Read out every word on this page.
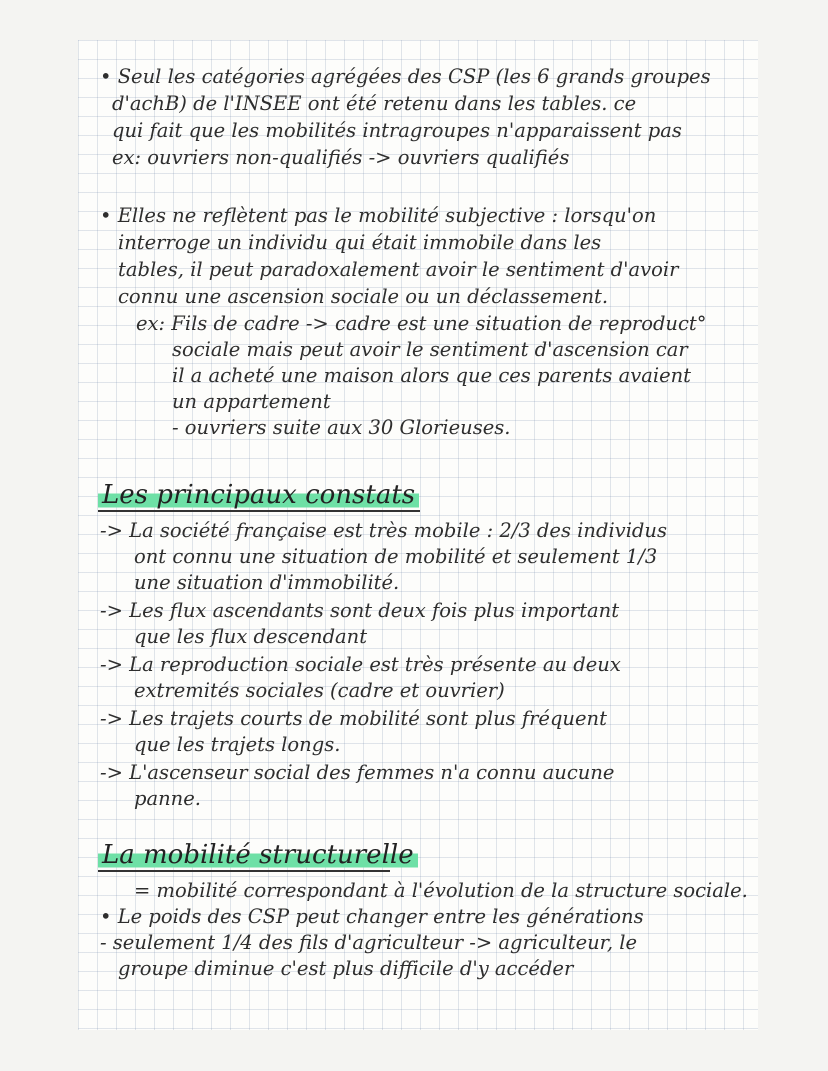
• Seul les catégories agrégées des CSP (les 6 grands groupes
d'achB) de l'INSEE ont été retenu dans les tables. ce
qui fait que les mobilités intragroupes n'apparaissent pas
ex: ouvriers non-qualifiés -> ouvriers qualifiés
• Elles ne reflètent pas le mobilité subjective : lorsqu'on
interroge un individu qui était immobile dans les
tables, il peut paradoxalement avoir le sentiment d'avoir
connu une ascension sociale ou un déclassement.
ex: Fils de cadre -> cadre est une situation de reproduct°
sociale mais peut avoir le sentiment d'ascension car
il a acheté une maison alors que ces parents avaient
un appartement
- ouvriers suite aux 30 Glorieuses.
Les principaux constats
-> La société française est très mobile : 2/3 des individus
ont connu une situation de mobilité et seulement 1/3
une situation d'immobilité.
-> Les flux ascendants sont deux fois plus important
que les flux descendant
-> La reproduction sociale est très présente au deux
extremités sociales (cadre et ouvrier)
-> Les trajets courts de mobilité sont plus fréquent
que les trajets longs.
-> L'ascenseur social des femmes n'a connu aucune
panne.
La mobilité structurelle
= mobilité correspondant à l'évolution de la structure sociale.
• Le poids des CSP peut changer entre les générations
- seulement 1/4 des fils d'agriculteur -> agriculteur, le
groupe diminue c'est plus difficile d'y accéder
